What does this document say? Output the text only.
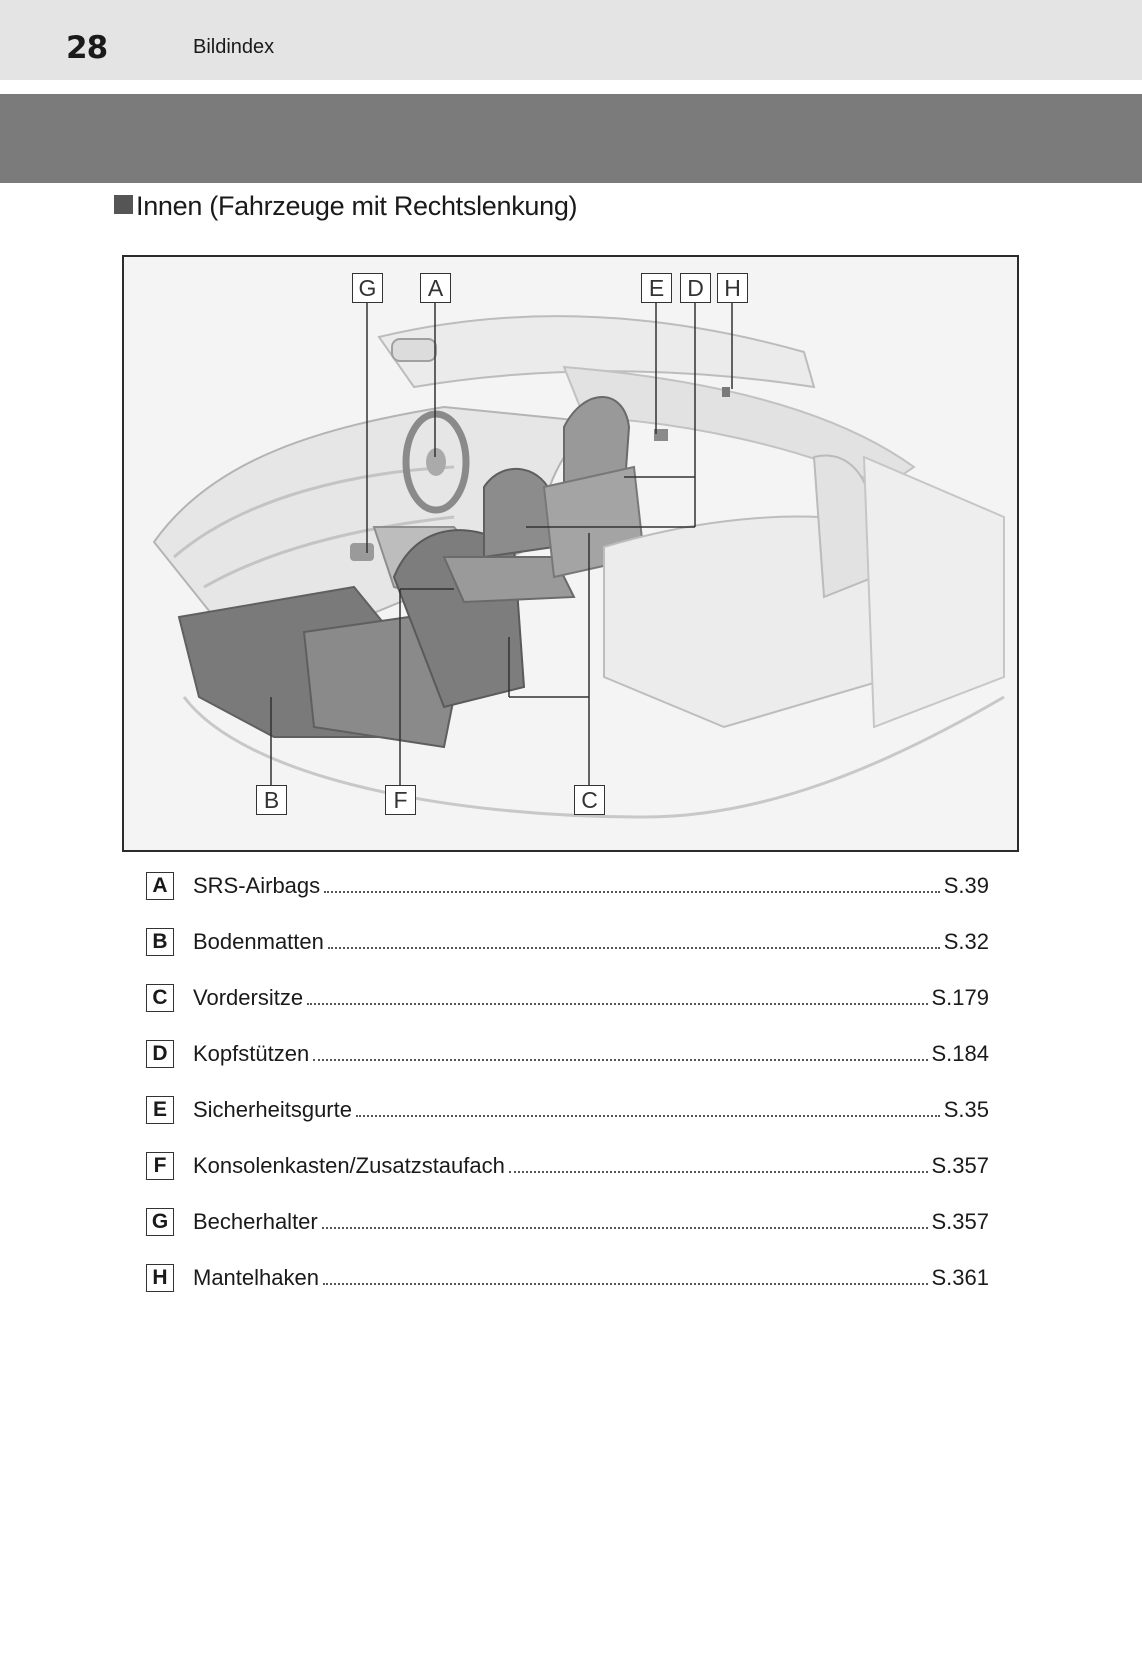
28	Bildindex
Innen (Fahrzeuge mit Rechtslenkung)
G	A	E	D H
B	F	C
A SRS-Airbags	S.39
B Bodenmatten	S.32
C Vordersitze	S.179
D Kopfstützen	S.184
E	Sicherheitsgurte	S.35
F	Konsolenkasten/Zusatzstaufach	S.357
G Becherhalter	S.357
H Mantelhaken	S.361
